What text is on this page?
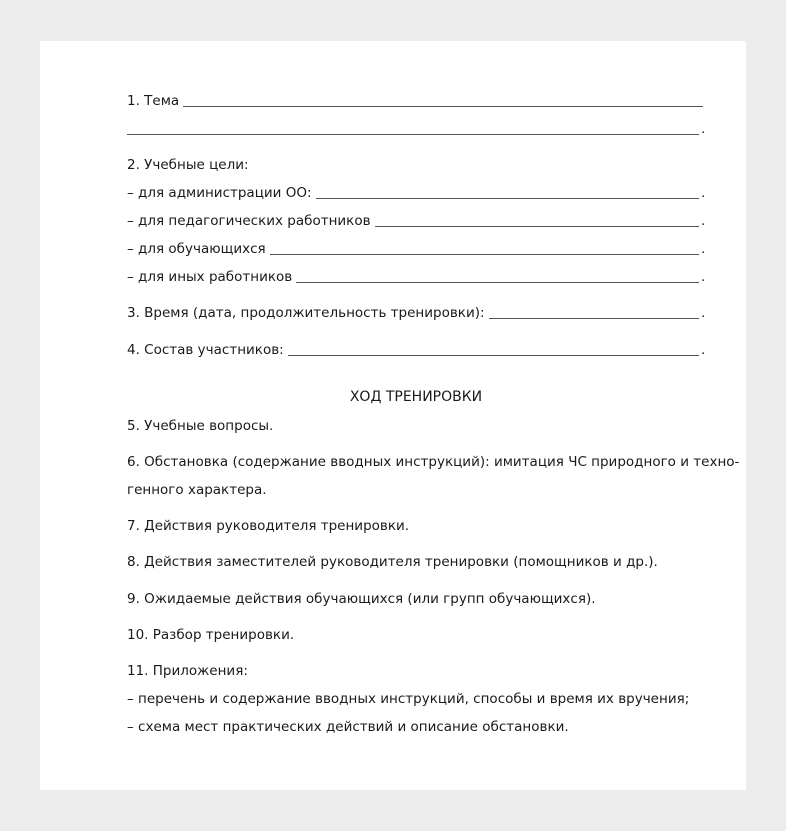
1. Тема
.
2. Учебные цели:
– для администрации ОО:	.
– для педагогических работников	.
– для обучающихся	.
– для иных работников	.
3. Время (дата, продолжительность тренировки):	.
4. Состав участников:	.
ХОД ТРЕНИРОВКИ
5. Учебные вопросы.
6. Обстановка (содержание вводных инструкций): имитация ЧС природного и техно-
генного характера.
7. Действия руководителя тренировки.
8. Действия заместителей руководителя тренировки (помощников и др.).
9. Ожидаемые действия обучающихся (или групп обучающихся).
10. Разбор тренировки.
11. Приложения:
– перечень и содержание вводных инструкций, способы и время их вручения;
– схема мест практических действий и описание обстановки.
